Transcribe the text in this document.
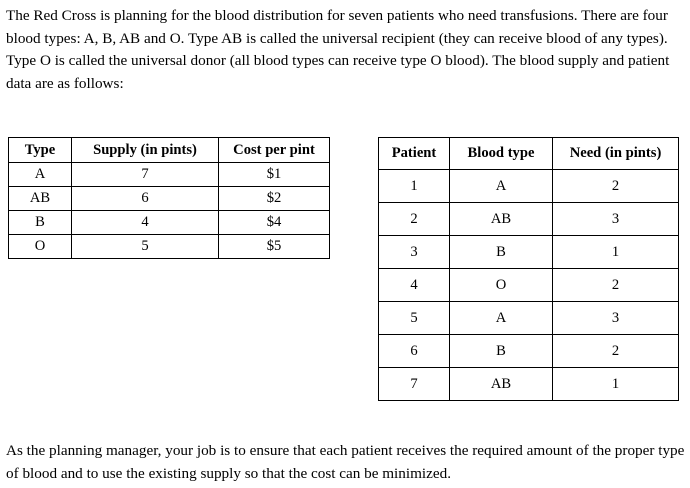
The Red Cross is planning for the blood distribution for seven patients who need transfusions. There are four blood types: A, B, AB and O. Type AB is called the universal recipient (they can receive blood of any types). Type O is called the universal donor (all blood types can receive type O blood). The blood supply and patient data are as follows:

Type	Supply (in pints)	Cost per pint
A	7	$1
AB	6	$2
B	4	$4
O	5	$5
Patient	Blood type	Need (in pints)
1	A	2
2	AB	3
3	B	1
4	O	2
5	A	3
6	B	2
7	AB	1

As the planning manager, your job is to ensure that each patient receives the required amount of the proper type of blood and to use the existing supply so that the cost can be minimized.
